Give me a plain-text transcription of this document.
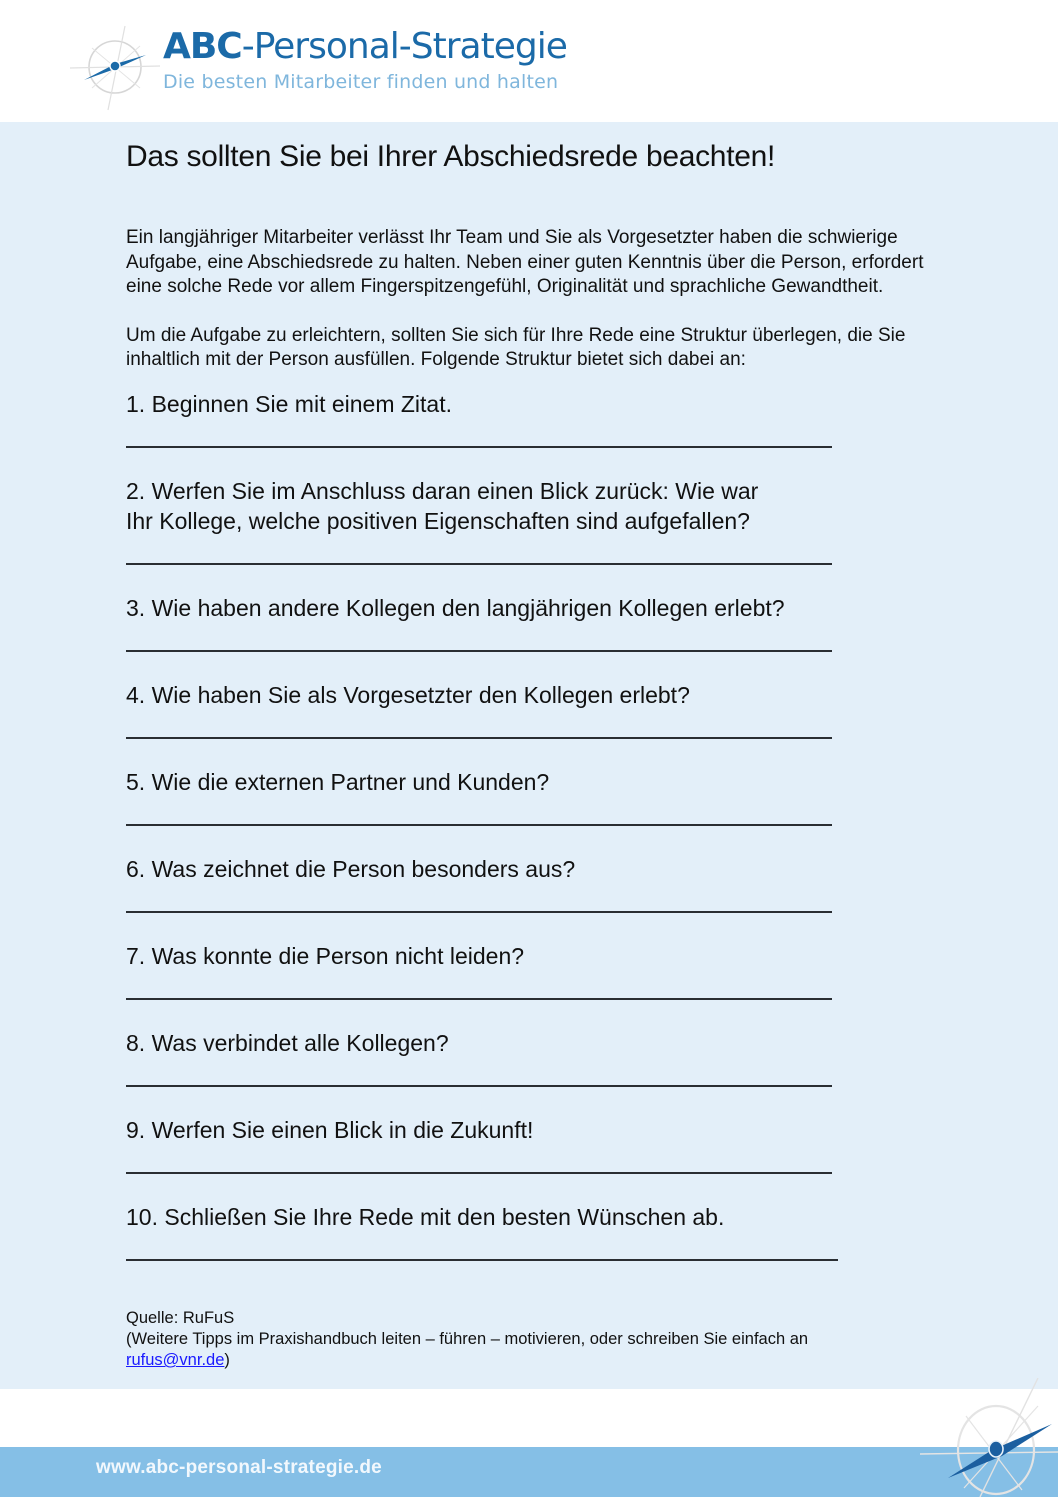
ABC-Personal-Strategie
Die besten Mitarbeiter finden und halten
Das sollten Sie bei Ihrer Abschiedsrede beachten!

Ein langjähriger Mitarbeiter verlässt Ihr Team und Sie als Vorgesetzter haben die schwierige Aufgabe, eine Abschiedsrede zu halten. Neben einer guten Kenntnis über die Person, erfordert eine solche Rede vor allem Fingerspitzengefühl, Originalität und sprachliche Gewandtheit.

Um die Aufgabe zu erleichtern, sollten Sie sich für Ihre Rede eine Struktur überlegen, die Sie inhaltlich mit der Person ausfüllen. Folgende Struktur bietet sich dabei an:

1. Beginnen Sie mit einem Zitat.
2. Werfen Sie im Anschluss daran einen Blick zurück: Wie war
Ihr Kollege, welche positiven Eigenschaften sind aufgefallen?
3. Wie haben andere Kollegen den langjährigen Kollegen erlebt?
4. Wie haben Sie als Vorgesetzter den Kollegen erlebt?
5. Wie die externen Partner und Kunden?
6. Was zeichnet die Person besonders aus?
7. Was konnte die Person nicht leiden?
8. Was verbindet alle Kollegen?
9. Werfen Sie einen Blick in die Zukunft!
10. Schließen Sie Ihre Rede mit den besten Wünschen ab.
Quelle: RuFuS
(Weitere Tipps im Praxishandbuch leiten – führen – motivieren, oder schreiben Sie einfach an
rufus@vnr.de)
www.abc-personal-strategie.de
